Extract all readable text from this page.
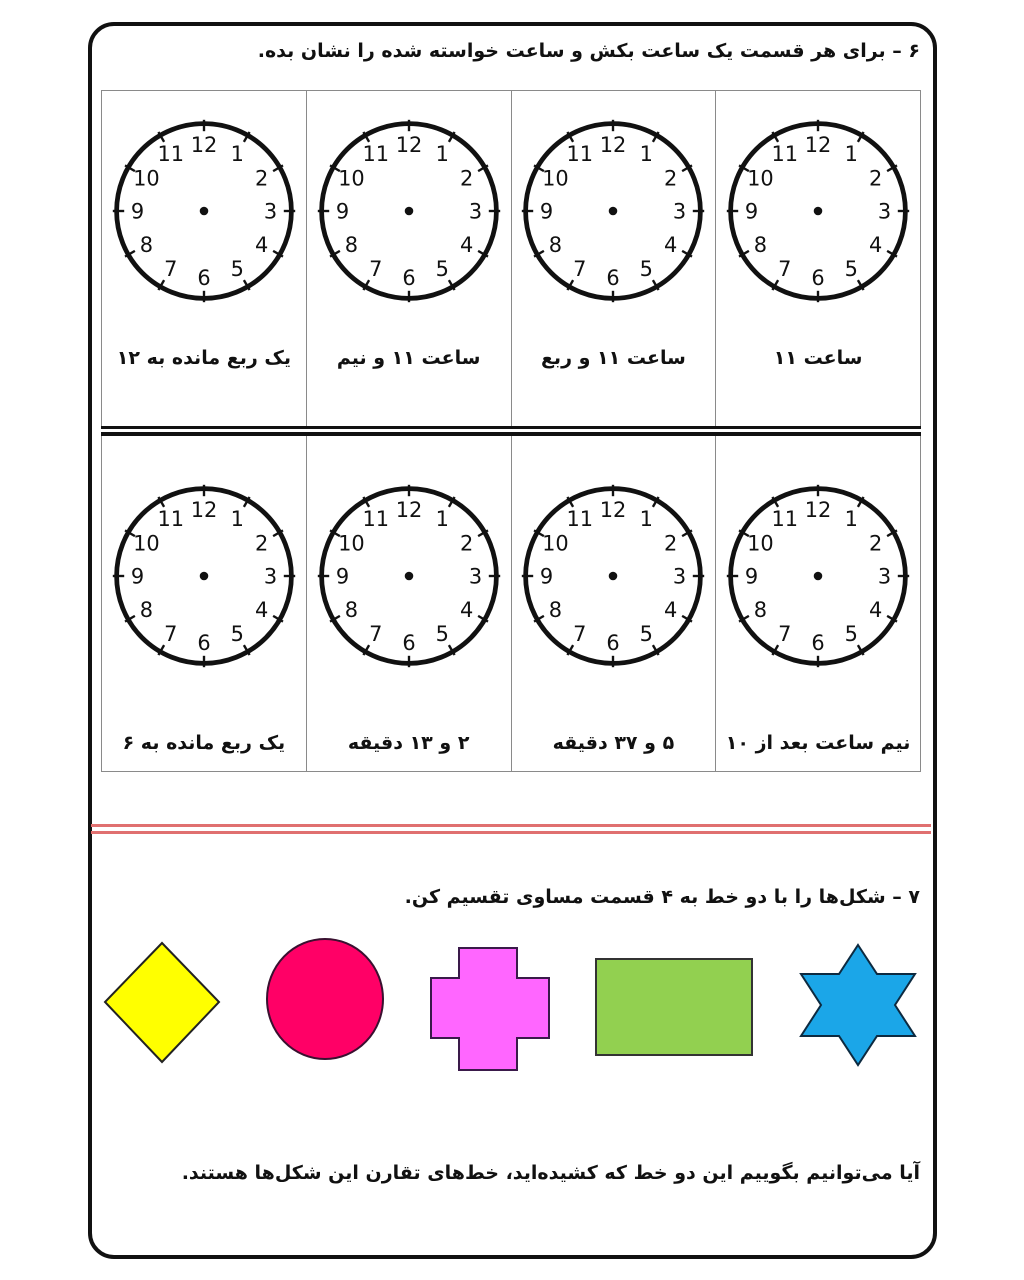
۶ – برای هر قسمت یک ساعت بکش و ساعت خواسته شده را نشان بده.
12 1
2
3
4
5
6
7
8
9
10
11
ساعت ۱۱
12 1
2
3
4
5
6
7
8
9
10
11
ساعت ۱۱ و ربع
12 1
2
3
4
5
6
7
8
9
10
11
ساعت ۱۱ و نیم
12 1
2
3
4
5
6
7
8
9
10
11
یک ربع مانده به ۱۲
12 1
2
3
4
5
6
7
8
9
10
11
نیم ساعت بعد از ۱۰
12 1
2
3
4
5
6
7
8
9
10
11
۵ و ۳۷ دقیقه
12 1
2
3
4
5
6
7
8
9
10
11
۲ و ۱۳ دقیقه
12 1
2
3
4
5
6
7
8
9
10
11
یک ربع مانده به ۶
۷ – شکل‌ها را با دو خط به ۴ قسمت مساوی تقسیم کن.
آیا می‌توانیم بگوییم این دو خط که کشیده‌اید، خط‌های تقارن این شکل‌ها هستند.
